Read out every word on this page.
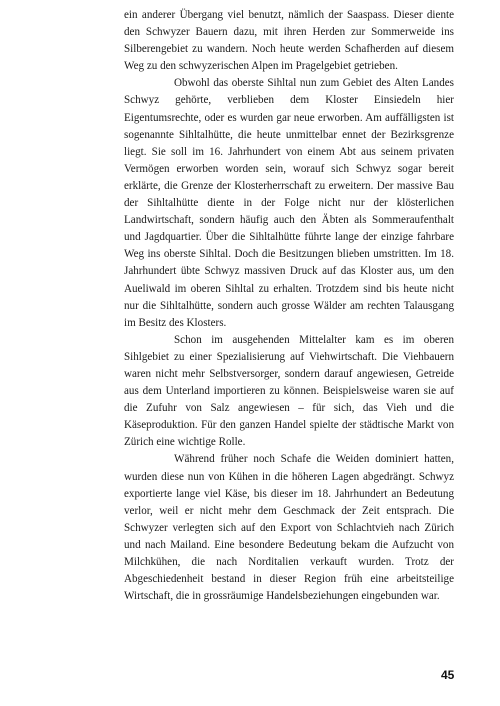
ein anderer Übergang viel benutzt, nämlich der Saaspass. Dieser diente den Schwyzer Bauern dazu, mit ihren Herden zur Sommerweide ins Silberengebiet zu wandern. Noch heute werden Schafherden auf diesem Weg zu den schwyzerischen Alpen im Pragelgebiet getrieben.

Obwohl das oberste Sihltal nun zum Gebiet des Alten Landes Schwyz gehörte, verblieben dem Kloster Einsiedeln hier Eigentumsrechte, oder es wurden gar neue erworben. Am auffälligsten ist sogenannte Sihltalhütte, die heute unmittelbar ennet der Bezirksgrenze liegt. Sie soll im 16. Jahrhundert von einem Abt aus seinem privaten Vermögen erworben worden sein, worauf sich Schwyz sogar bereit erklärte, die Grenze der Klosterherrschaft zu erweitern. Der massive Bau der Sihltalhütte diente in der Folge nicht nur der klösterlichen Landwirtschaft, sondern häufig auch den Äbten als Sommeraufenthalt und Jagdquartier. Über die Sihltalhütte führte lange der einzige fahrbare Weg ins oberste Sihltal. Doch die Besitzungen blieben umstritten. Im 18. Jahrhundert übte Schwyz massiven Druck auf das Kloster aus, um den Aueliwald im oberen Sihltal zu erhalten. Trotzdem sind bis heute nicht nur die Sihltalhütte, sondern auch grosse Wälder am rechten Talausgang im Besitz des Klosters.

Schon im ausgehenden Mittelalter kam es im oberen Sihlgebiet zu einer Spezialisierung auf Viehwirtschaft. Die Viehbauern waren nicht mehr Selbstversorger, sondern darauf angewiesen, Getreide aus dem Unterland importieren zu können. Beispielsweise waren sie auf die Zufuhr von Salz angewiesen – für sich, das Vieh und die Käseproduktion. Für den ganzen Handel spielte der städtische Markt von Zürich eine wichtige Rolle.

Während früher noch Schafe die Weiden dominiert hatten, wurden diese nun von Kühen in die höheren Lagen abgedrängt. Schwyz exportierte lange viel Käse, bis dieser im 18. Jahrhundert an Bedeutung verlor, weil er nicht mehr dem Geschmack der Zeit entsprach. Die Schwyzer verlegten sich auf den Export von Schlachtvieh nach Zürich und nach Mailand. Eine besondere Bedeutung bekam die Aufzucht von Milchkühen, die nach Norditalien verkauft wurden. Trotz der Abgeschiedenheit bestand in dieser Region früh eine arbeitsteilige Wirtschaft, die in grossräumige Handelsbeziehungen eingebunden war.

45
